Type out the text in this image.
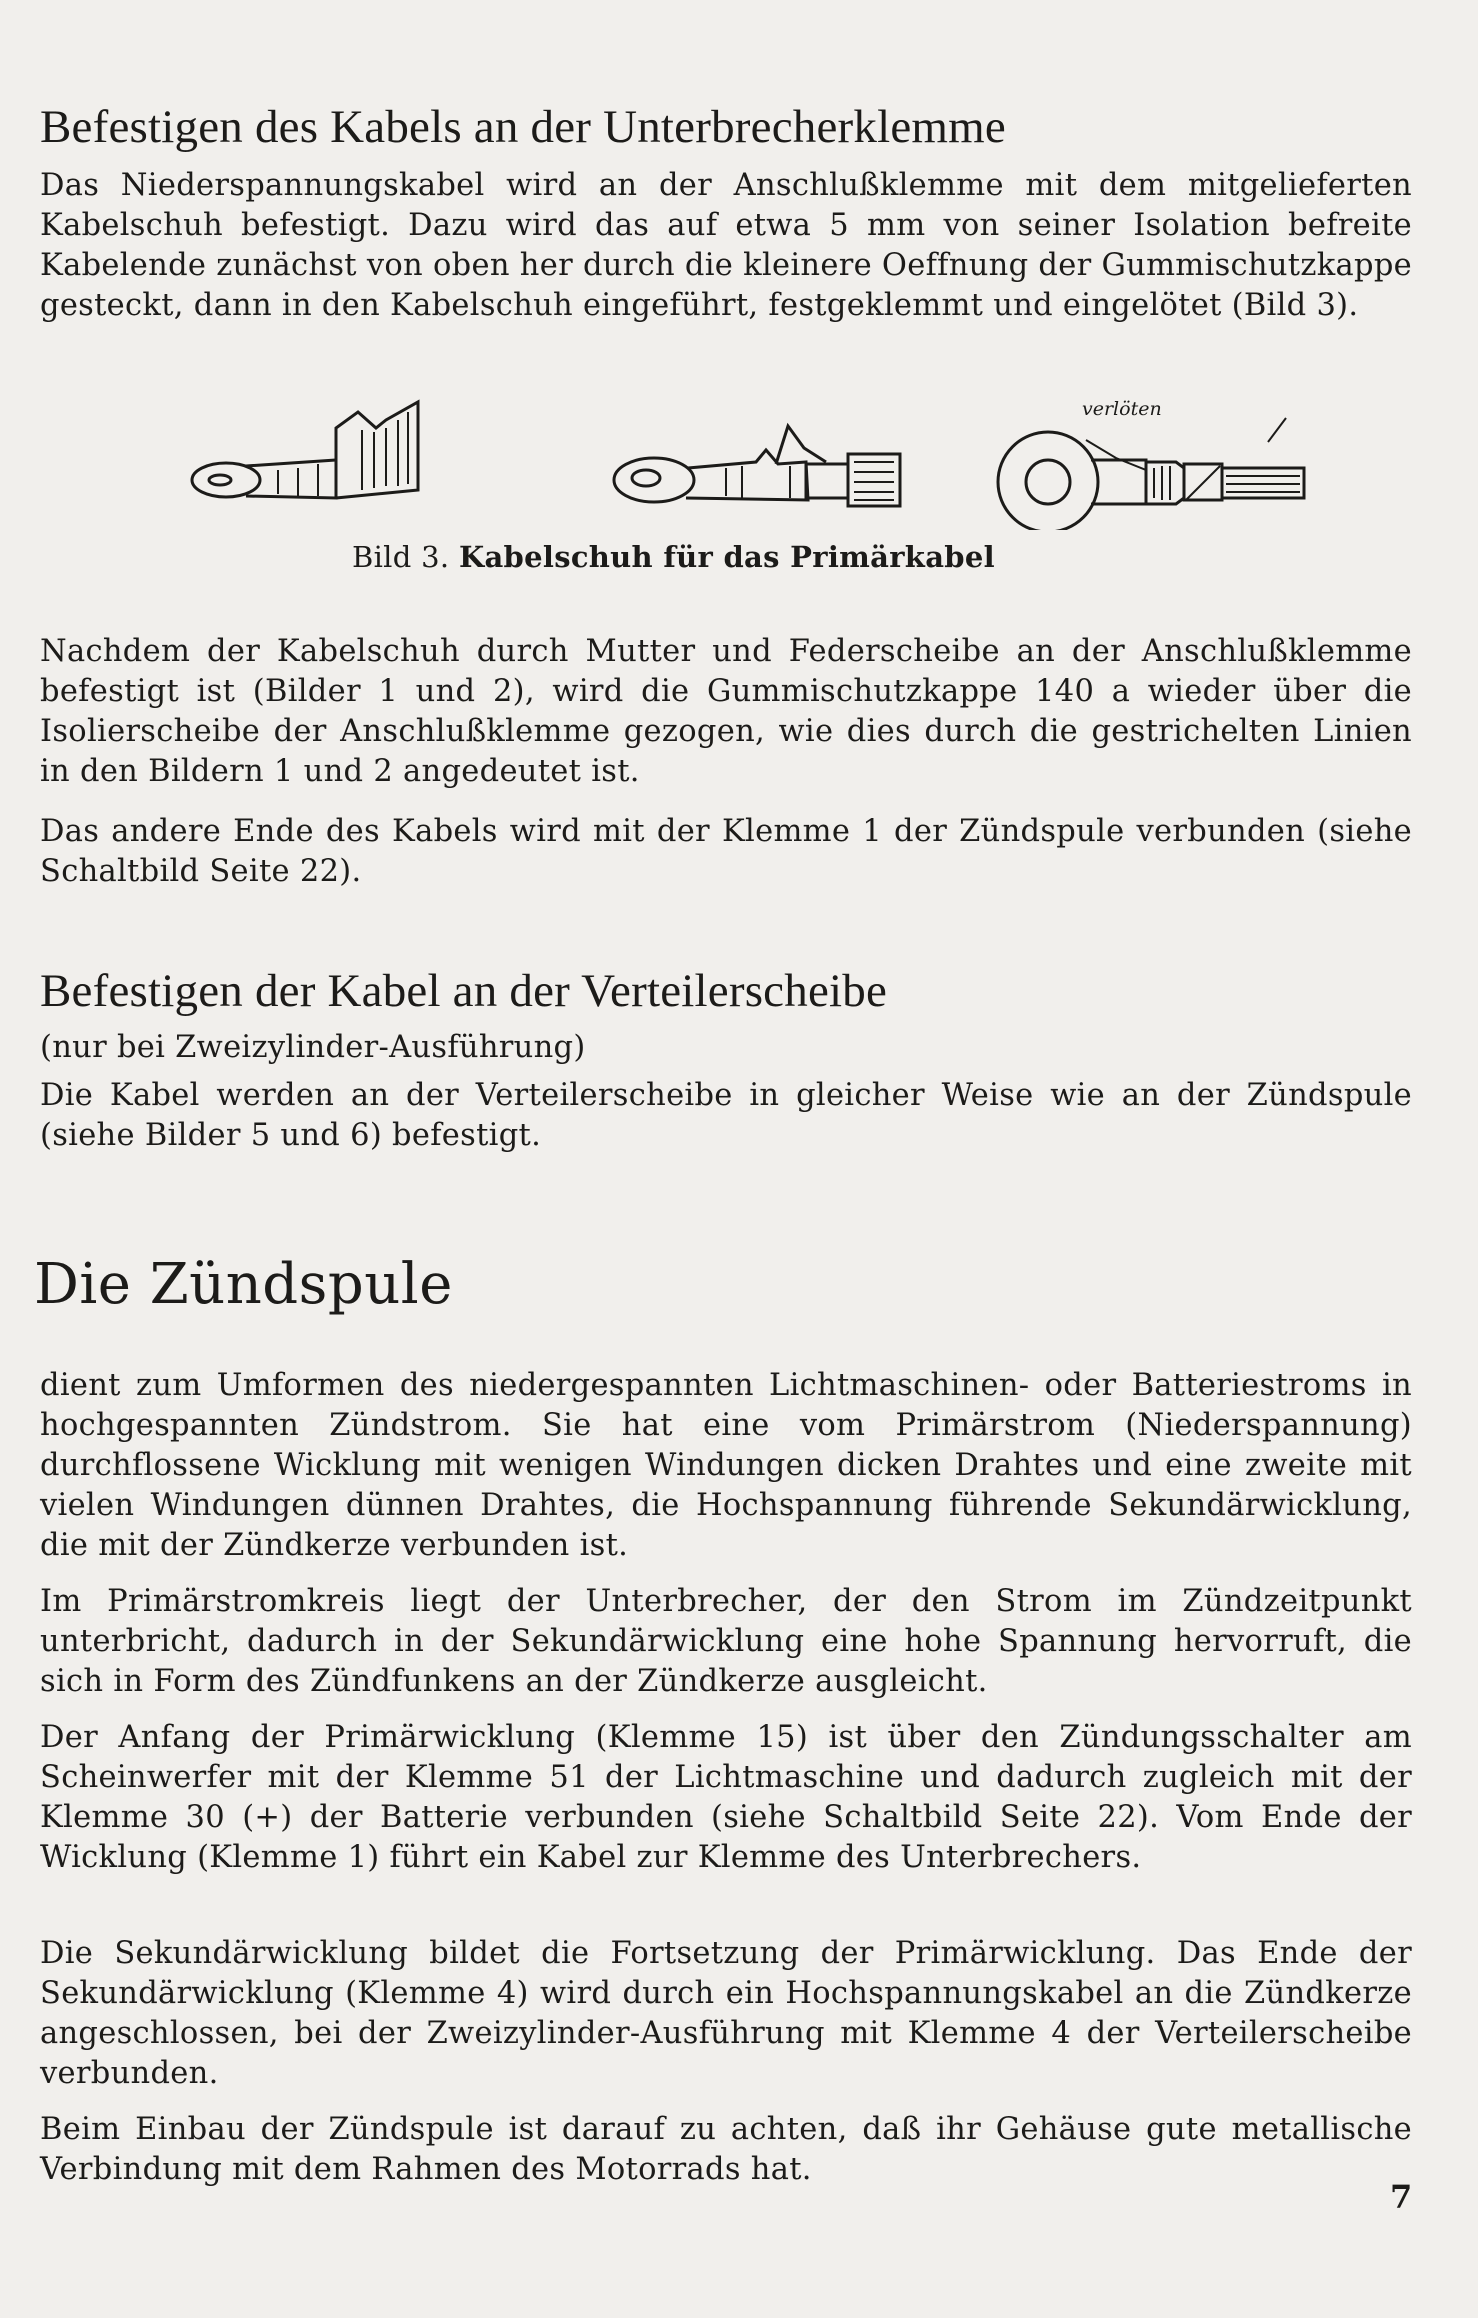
Befestigen des Kabels an der Unterbrecherklemme

Das Niederspannungskabel wird an der Anschlußklemme mit dem mitgelieferten Kabelschuh befestigt. Dazu wird das auf etwa 5 mm von seiner Isolation befreite Kabelende zunächst von oben her durch die kleinere Oeffnung der Gummischutzkappe gesteckt, dann in den Kabelschuh eingeführt, festgeklemmt und eingelötet (Bild 3).

verlöten

Bild 3. Kabelschuh für das Primärkabel

Nachdem der Kabelschuh durch Mutter und Federscheibe an der Anschlußklemme befestigt ist (Bilder 1 und 2), wird die Gummischutzkappe 140 a wieder über die Isolierscheibe der Anschlußklemme gezogen, wie dies durch die gestrichelten Linien in den Bildern 1 und 2 angedeutet ist.

Das andere Ende des Kabels wird mit der Klemme 1 der Zündspule verbunden (siehe Schaltbild Seite 22).

Befestigen der Kabel an der Verteilerscheibe

(nur bei Zweizylinder-Ausführung)

Die Kabel werden an der Verteilerscheibe in gleicher Weise wie an der Zündspule (siehe Bilder 5 und 6) befestigt.

Die Zündspule

dient zum Umformen des niedergespannten Lichtmaschinen- oder Batteriestroms in hochgespannten Zündstrom. Sie hat eine vom Primärstrom (Niederspannung) durchflossene Wicklung mit wenigen Windungen dicken Drahtes und eine zweite mit vielen Windungen dünnen Drahtes, die Hochspannung führende Sekundärwicklung, die mit der Zündkerze verbunden ist.

Im Primärstromkreis liegt der Unterbrecher, der den Strom im Zündzeitpunkt unterbricht, dadurch in der Sekundärwicklung eine hohe Spannung hervorruft, die sich in Form des Zündfunkens an der Zündkerze ausgleicht.

Der Anfang der Primärwicklung (Klemme 15) ist über den Zündungsschalter am Scheinwerfer mit der Klemme 51 der Lichtmaschine und dadurch zugleich mit der Klemme 30 (+) der Batterie verbunden (siehe Schaltbild Seite 22). Vom Ende der Wicklung (Klemme 1) führt ein Kabel zur Klemme des Unterbrechers.

Die Sekundärwicklung bildet die Fortsetzung der Primärwicklung. Das Ende der Sekundärwicklung (Klemme 4) wird durch ein Hochspannungskabel an die Zündkerze angeschlossen, bei der Zweizylinder-Ausführung mit Klemme 4 der Verteilerscheibe verbunden.

Beim Einbau der Zündspule ist darauf zu achten, daß ihr Gehäuse gute metallische Verbindung mit dem Rahmen des Motorrads hat.

7
